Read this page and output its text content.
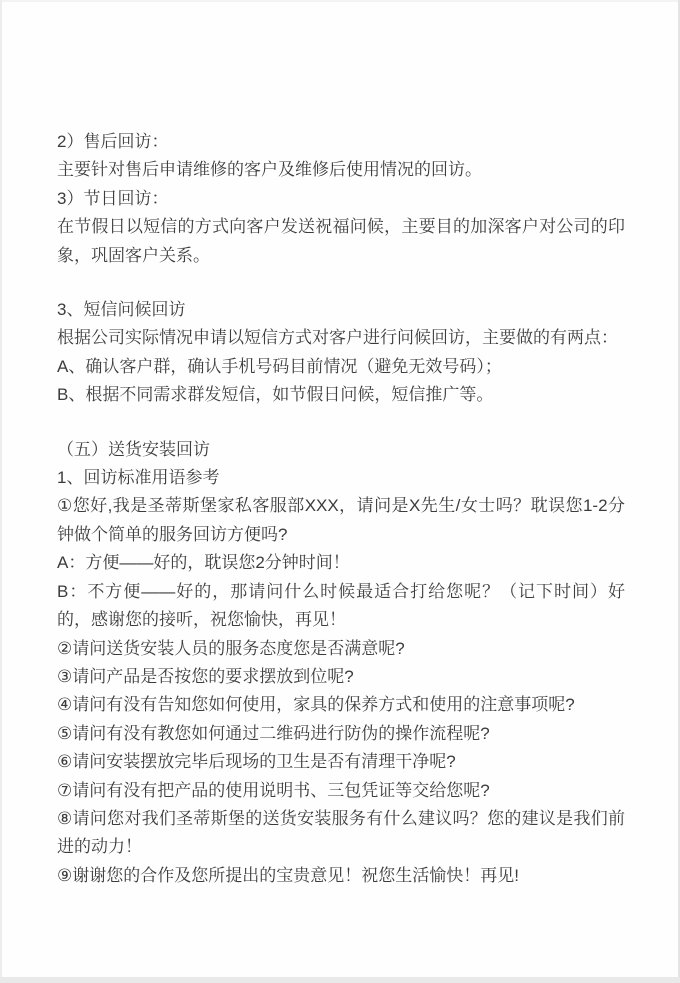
2）售后回访：

主要针对售后申请维修的客户及维修后使用情况的回访。

3）节日回访：

在节假日以短信的方式向客户发送祝福问候，主要目的加深客户对公司的印象，巩固客户关系。

3、短信问候回访

根据公司实际情况申请以短信方式对客户进行问候回访，主要做的有两点：

A、确认客户群，确认手机号码目前情况（避免无效号码）；

B、根据不同需求群发短信，如节假日问候，短信推广等。

（五）送货安装回访

1、回访标准用语参考

①您好,我是圣蒂斯堡家私客服部XXX，请问是X先生/女士吗？耽误您1-2分钟做个简单的服务回访方便吗?

A：方便——好的，耽误您2分钟时间！

B：不方便——好的，那请问什么时候最适合打给您呢？（记下时间）好的，感谢您的接听，祝您愉快，再见！

②请问送货安装人员的服务态度您是否满意呢?

③请问产品是否按您的要求摆放到位呢?

④请问有没有告知您如何使用，家具的保养方式和使用的注意事项呢?

⑤请问有没有教您如何通过二维码进行防伪的操作流程呢?

⑥请问安装摆放完毕后现场的卫生是否有清理干净呢?

⑦请问有没有把产品的使用说明书、三包凭证等交给您呢?

⑧请问您对我们圣蒂斯堡的送货安装服务有什么建议吗？您的建议是我们前进的动力！

⑨谢谢您的合作及您所提出的宝贵意见！祝您生活愉快！再见!
